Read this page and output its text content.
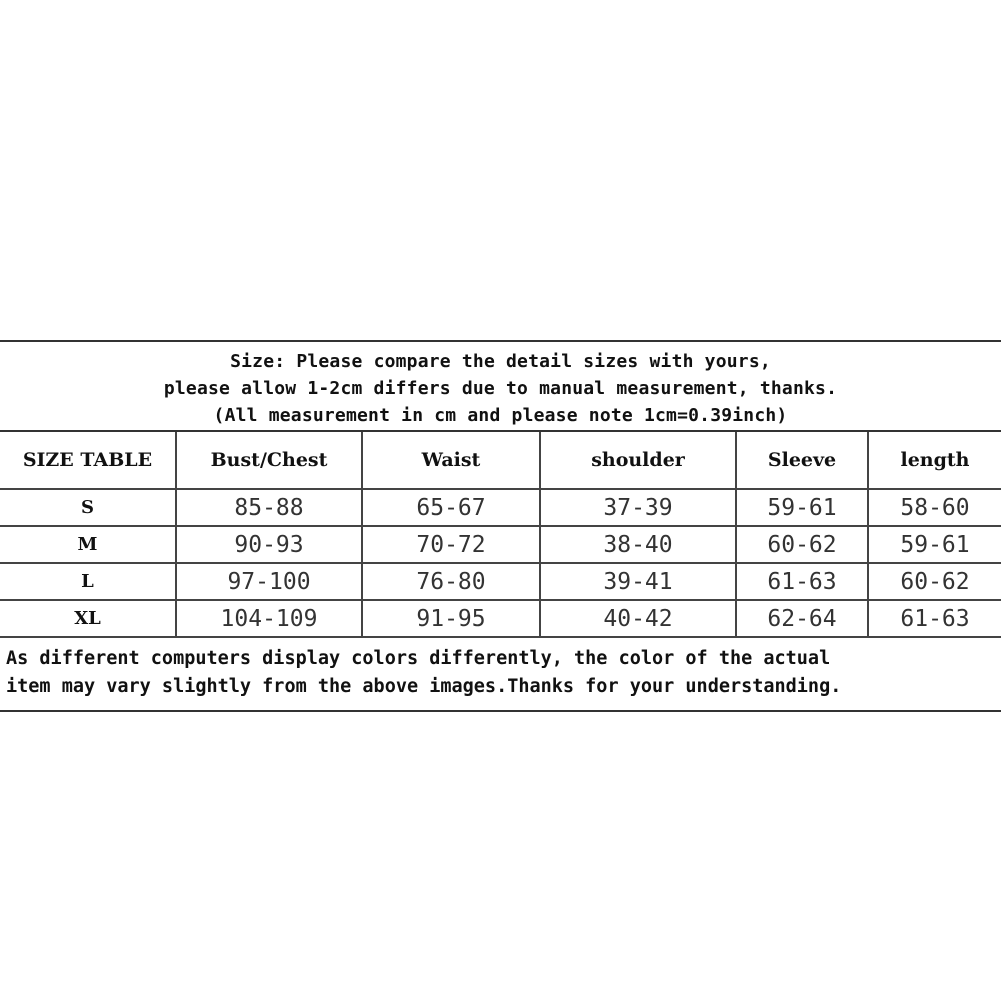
Size: Please compare the detail sizes with yours,
please allow 1-2cm differs due to manual measurement, thanks.
(All measurement in cm and please note 1cm=0.39inch)
SIZE TABLE	Bust/Chest	Waist	shoulder	Sleeve	length
S	85-88	65-67	37-39	59-61	58-60
M	90-93	70-72	38-40	60-62	59-61
L	97-100	76-80	39-41	61-63	60-62
XL	104-109	91-95	40-42	62-64	61-63
As different computers display colors differently, the color of the actual
item may vary slightly from the above images.Thanks for your understanding.
